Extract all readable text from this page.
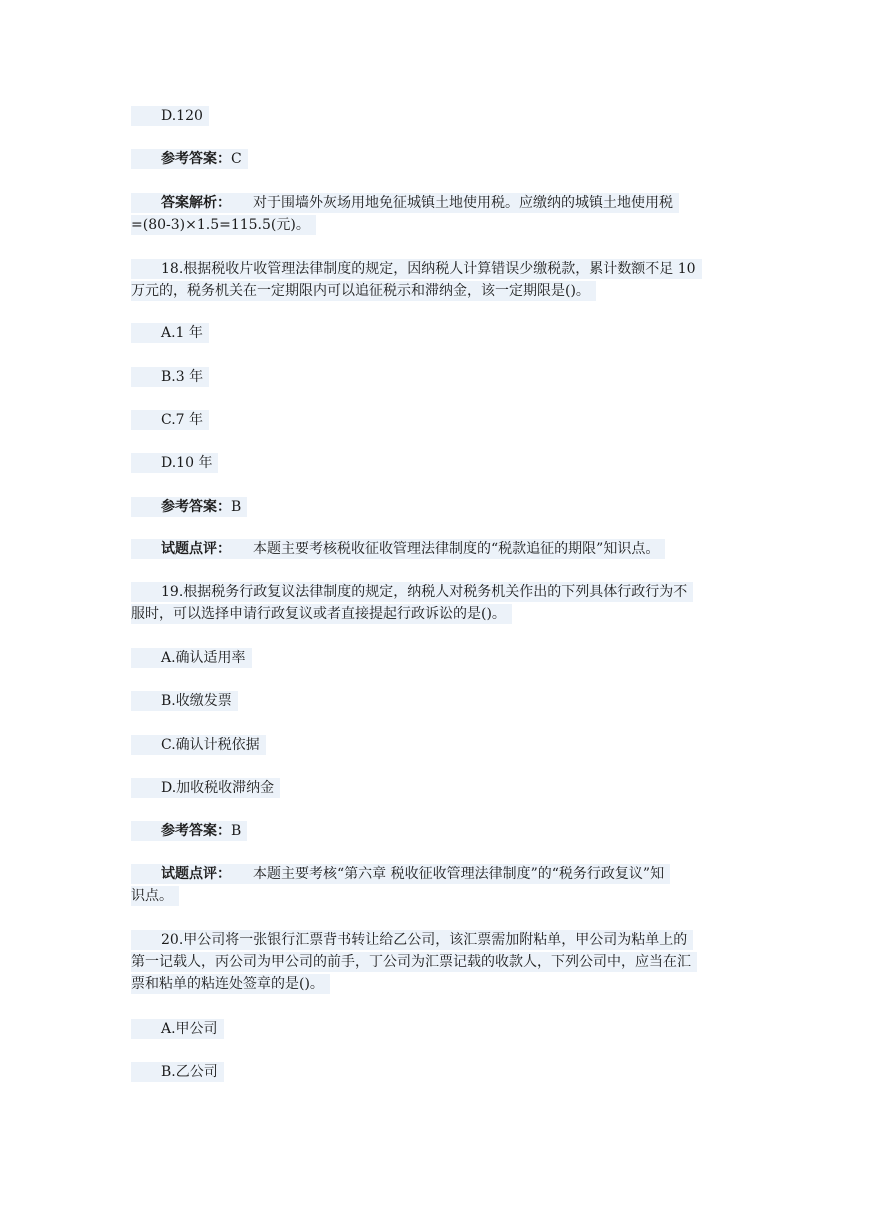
D.120
参考答案：C
答案解析： 对于围墙外灰场用地免征城镇土地使用税。应缴纳的城镇土地使用税
=(80-3)×1.5=115.5(元)。
18.根据税收片收管理法律制度的规定，因纳税人计算错误少缴税款，累计数额不足 10
万元的，税务机关在一定期限内可以追征税示和滞纳金，该一定期限是()。
A.1 年
B.3 年
C.7 年
D.10 年
参考答案：B
试题点评： 本题主要考核税收征收管理法律制度的“税款追征的期限”知识点。
19.根据税务行政复议法律制度的规定，纳税人对税务机关作出的下列具体行政行为不
服时，可以选择申请行政复议或者直接提起行政诉讼的是()。
A.确认适用率
B.收缴发票
C.确认计税依据
D.加收税收滞纳金
参考答案：B
试题点评： 本题主要考核“第六章 税收征收管理法律制度”的“税务行政复议”知
识点。
20.甲公司将一张银行汇票背书转让给乙公司，该汇票需加附粘单，甲公司为粘单上的
第一记载人，丙公司为甲公司的前手，丁公司为汇票记载的收款人，下列公司中，应当在汇
票和粘单的粘连处签章的是()。
A.甲公司
B.乙公司
